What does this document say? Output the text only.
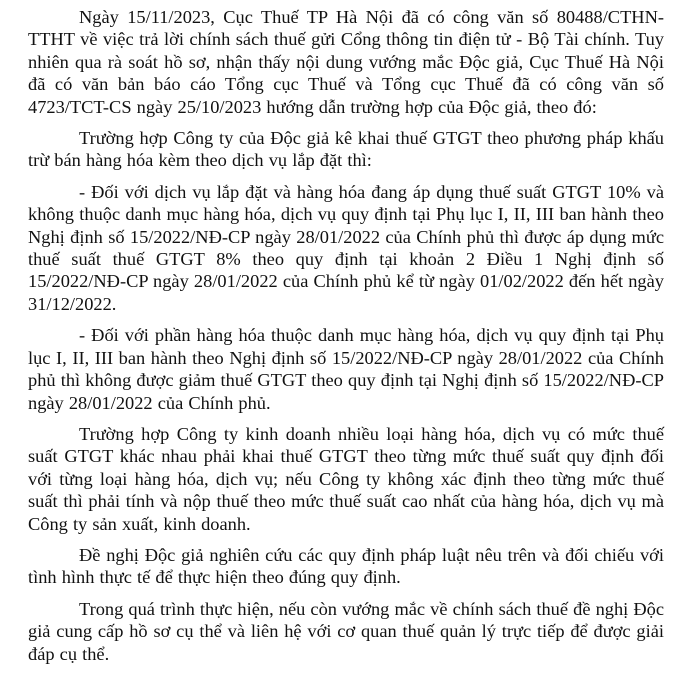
Ngày 15/11/2023, Cục Thuế TP Hà Nội đã có công văn số 80488/CTHN-TTHT về việc trả lời chính sách thuế gửi Cổng thông tin điện tử - Bộ Tài chính. Tuy nhiên qua rà soát hồ sơ, nhận thấy nội dung vướng mắc Độc giả, Cục Thuế Hà Nội đã có văn bản báo cáo Tổng cục Thuế và Tổng cục Thuế đã có công văn số 4723/TCT-CS ngày 25/10/2023 hướng dẫn trường hợp của Độc giả, theo đó:

Trường hợp Công ty của Độc giả kê khai thuế GTGT theo phương pháp khấu trừ bán hàng hóa kèm theo dịch vụ lắp đặt thì:

- Đối với dịch vụ lắp đặt và hàng hóa đang áp dụng thuế suất GTGT 10% và không thuộc danh mục hàng hóa, dịch vụ quy định tại Phụ lục I, II, III ban hành theo Nghị định số 15/2022/NĐ-CP ngày 28/01/2022 của Chính phủ thì được áp dụng mức thuế suất thuế GTGT 8% theo quy định tại khoản 2 Điều 1 Nghị định số 15/2022/NĐ-CP ngày 28/01/2022 của Chính phủ kể từ ngày 01/02/2022 đến hết ngày 31/12/2022.

- Đối với phần hàng hóa thuộc danh mục hàng hóa, dịch vụ quy định tại Phụ lục I, II, III ban hành theo Nghị định số 15/2022/NĐ-CP ngày 28/01/2022 của Chính phủ thì không được giảm thuế GTGT theo quy định tại Nghị định số 15/2022/NĐ-CP ngày 28/01/2022 của Chính phủ.

Trường hợp Công ty kinh doanh nhiều loại hàng hóa, dịch vụ có mức thuế suất GTGT khác nhau phải khai thuế GTGT theo từng mức thuế suất quy định đối với từng loại hàng hóa, dịch vụ; nếu Công ty không xác định theo từng mức thuế suất thì phải tính và nộp thuế theo mức thuế suất cao nhất của hàng hóa, dịch vụ mà Công ty sản xuất, kinh doanh.

Đề nghị Độc giả nghiên cứu các quy định pháp luật nêu trên và đối chiếu với tình hình thực tế để thực hiện theo đúng quy định.

Trong quá trình thực hiện, nếu còn vướng mắc về chính sách thuế đề nghị Độc giả cung cấp hồ sơ cụ thể và liên hệ với cơ quan thuế quản lý trực tiếp để được giải đáp cụ thể.
